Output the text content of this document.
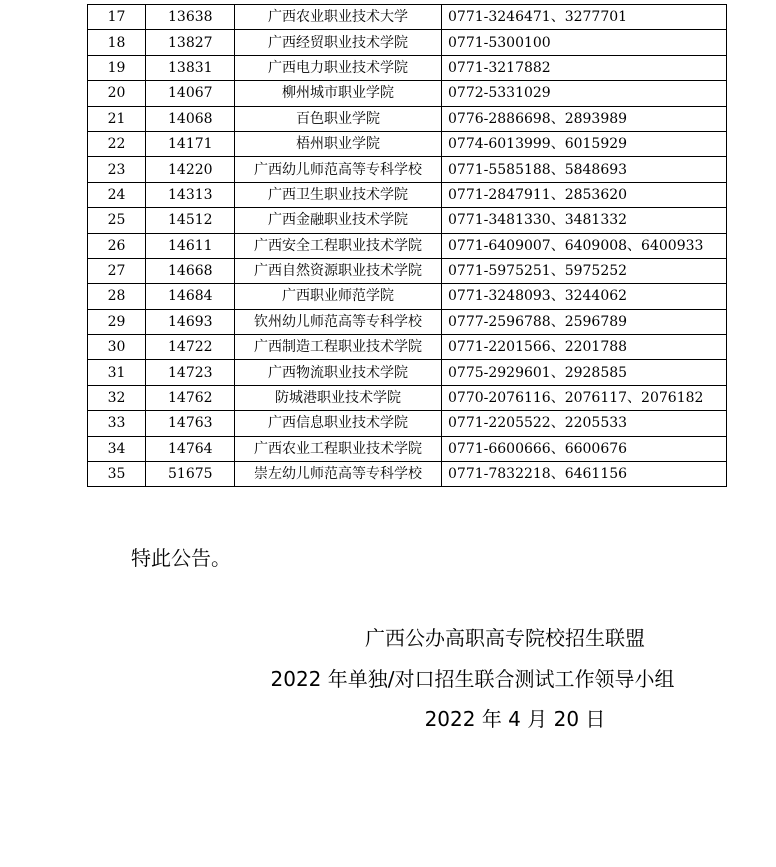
17	13638	广西农业职业技术大学	0771-3246471、3277701
18	13827	广西经贸职业技术学院	0771-5300100
19	13831	广西电力职业技术学院	0771-3217882
20	14067	柳州城市职业学院	0772-5331029
21	14068	百色职业学院	0776-2886698、2893989
22	14171	梧州职业学院	0774-6013999、6015929
23	14220	广西幼儿师范高等专科学校	0771-5585188、5848693
24	14313	广西卫生职业技术学院	0771-2847911、2853620
25	14512	广西金融职业技术学院	0771-3481330、3481332
26	14611	广西安全工程职业技术学院	0771-6409007、6409008、6400933
27	14668	广西自然资源职业技术学院	0771-5975251、5975252
28	14684	广西职业师范学院	0771-3248093、3244062
29	14693	钦州幼儿师范高等专科学校	0777-2596788、2596789
30	14722	广西制造工程职业技术学院	0771-2201566、2201788
31	14723	广西物流职业技术学院	0775-2929601、2928585
32	14762	防城港职业技术学院	0770-2076116、2076117、2076182
33	14763	广西信息职业技术学院	0771-2205522、2205533
34	14764	广西农业工程职业技术学院	0771-6600666、6600676
35	51675	崇左幼儿师范高等专科学校	0771-7832218、6461156
特此公告。
广西公办高职高专院校招生联盟
2022 年单独/对口招生联合测试工作领导小组
2022 年 4 月 20 日
